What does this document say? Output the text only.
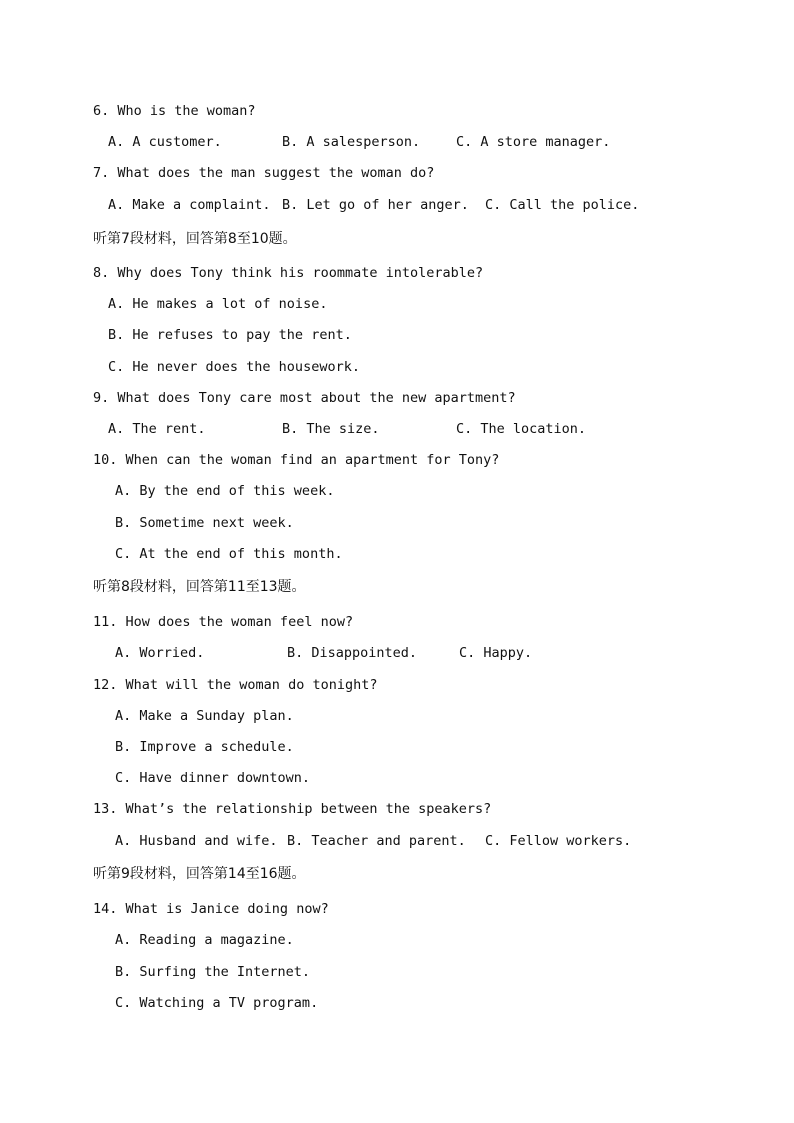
6. Who is the woman?
A. A customer.	B. A salesperson.	C. A store manager.
7. What does the man suggest the woman do?
A. Make a complaint. B. Let go of her anger. C. Call the police.
听第7段材料，回答第8至10题。
8. Why does Tony think his roommate intolerable?
A. He makes a lot of noise.
B. He refuses to pay the rent.
C. He never does the housework.
9. What does Tony care most about the new apartment?
A. The rent.	B. The size.	C. The location.
10. When can the woman find an apartment for Tony?
A. By the end of this week.
B. Sometime next week.
C. At the end of this month.
听第8段材料，回答第11至13题。
11. How does the woman feel now?
A. Worried.	B. Disappointed.	C. Happy.
12. What will the woman do tonight?
A. Make a Sunday plan.
B. Improve a schedule.
C. Have dinner downtown.
13. What’s the relationship between the speakers?
A. Husband and wife. B. Teacher and parent. C. Fellow workers.
听第9段材料，回答第14至16题。
14. What is Janice doing now?
A. Reading a magazine.
B. Surfing the Internet.
C. Watching a TV program.
